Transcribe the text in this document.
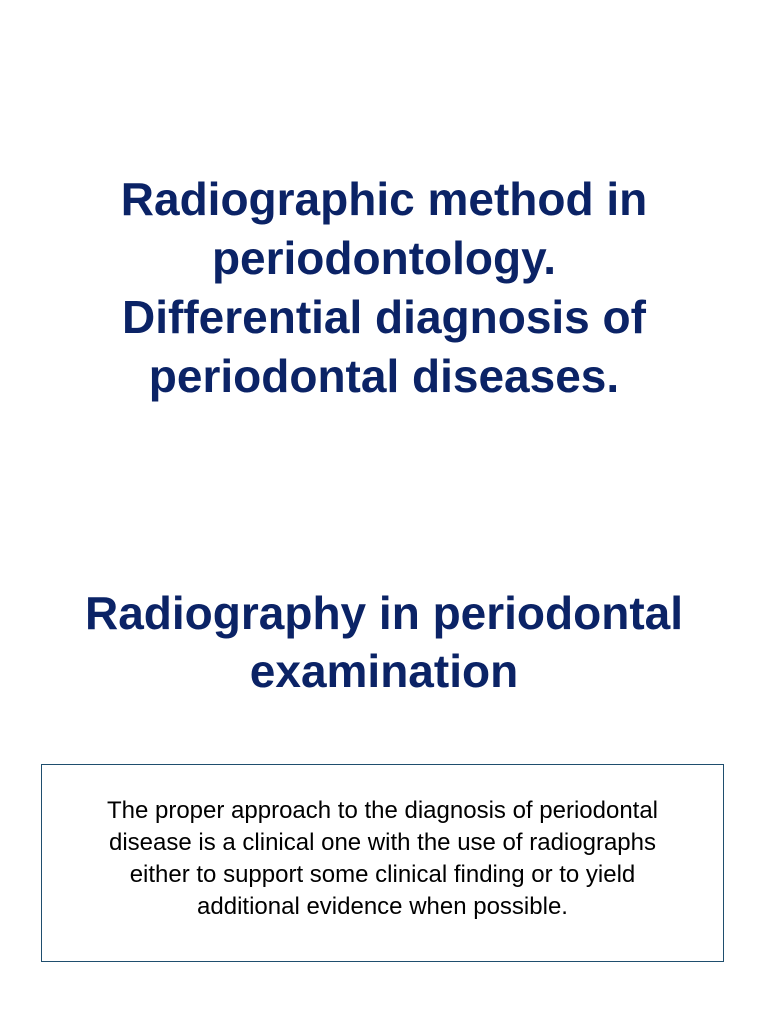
Radiographic method in
periodontology.
Differential diagnosis of
periodontal diseases.
Radiography in periodontal
examination

The proper approach to the diagnosis of periodontal
disease is a clinical one with the use of radiographs
either to support some clinical finding or to yield
additional evidence when possible.
